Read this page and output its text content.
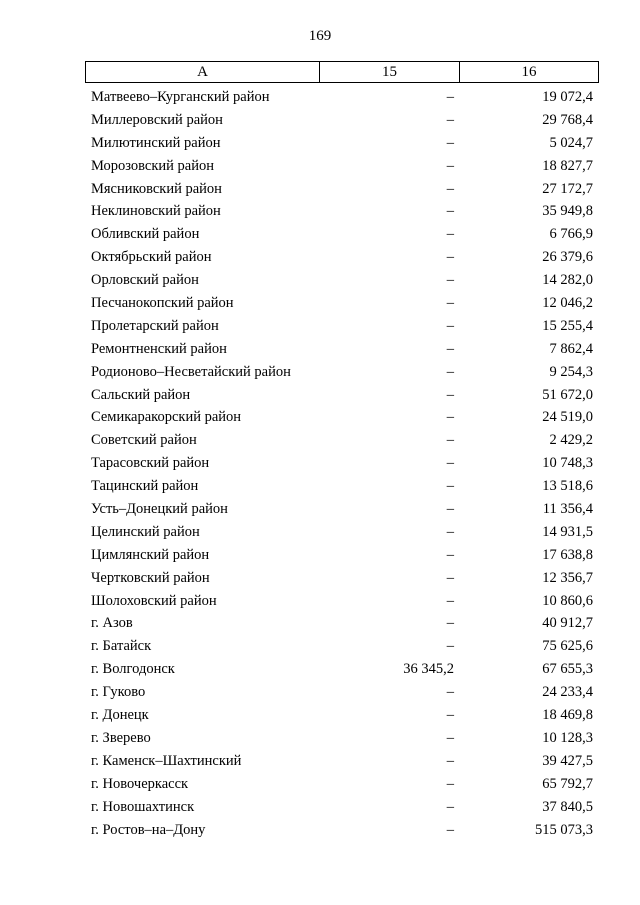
169
А	15	16
Матвеево–Курганский район	–	19 072,4
Миллеровский район	–	29 768,4
Милютинский район	–	5 024,7
Морозовский район	–	18 827,7
Мясниковский район	–	27 172,7
Неклиновский район	–	35 949,8
Обливский район	–	6 766,9
Октябрьский район	–	26 379,6
Орловский район	–	14 282,0
Песчанокопский район	–	12 046,2
Пролетарский район	–	15 255,4
Ремонтненский район	–	7 862,4
Родионово–Несветайский район	–	9 254,3
Сальский район	–	51 672,0
Семикаракорский район	–	24 519,0
Советский район	–	2 429,2
Тарасовский район	–	10 748,3
Тацинский район	–	13 518,6
Усть–Донецкий район	–	11 356,4
Целинский район	–	14 931,5
Цимлянский район	–	17 638,8
Чертковский район	–	12 356,7
Шолоховский район	–	10 860,6
г. Азов	–	40 912,7
г. Батайск	–	75 625,6
г. Волгодонск	36 345,2	67 655,3
г. Гуково	–	24 233,4
г. Донецк	–	18 469,8
г. Зверево	–	10 128,3
г. Каменск–Шахтинский	–	39 427,5
г. Новочеркасск	–	65 792,7
г. Новошахтинск	–	37 840,5
г. Ростов–на–Дону	–	515 073,3
